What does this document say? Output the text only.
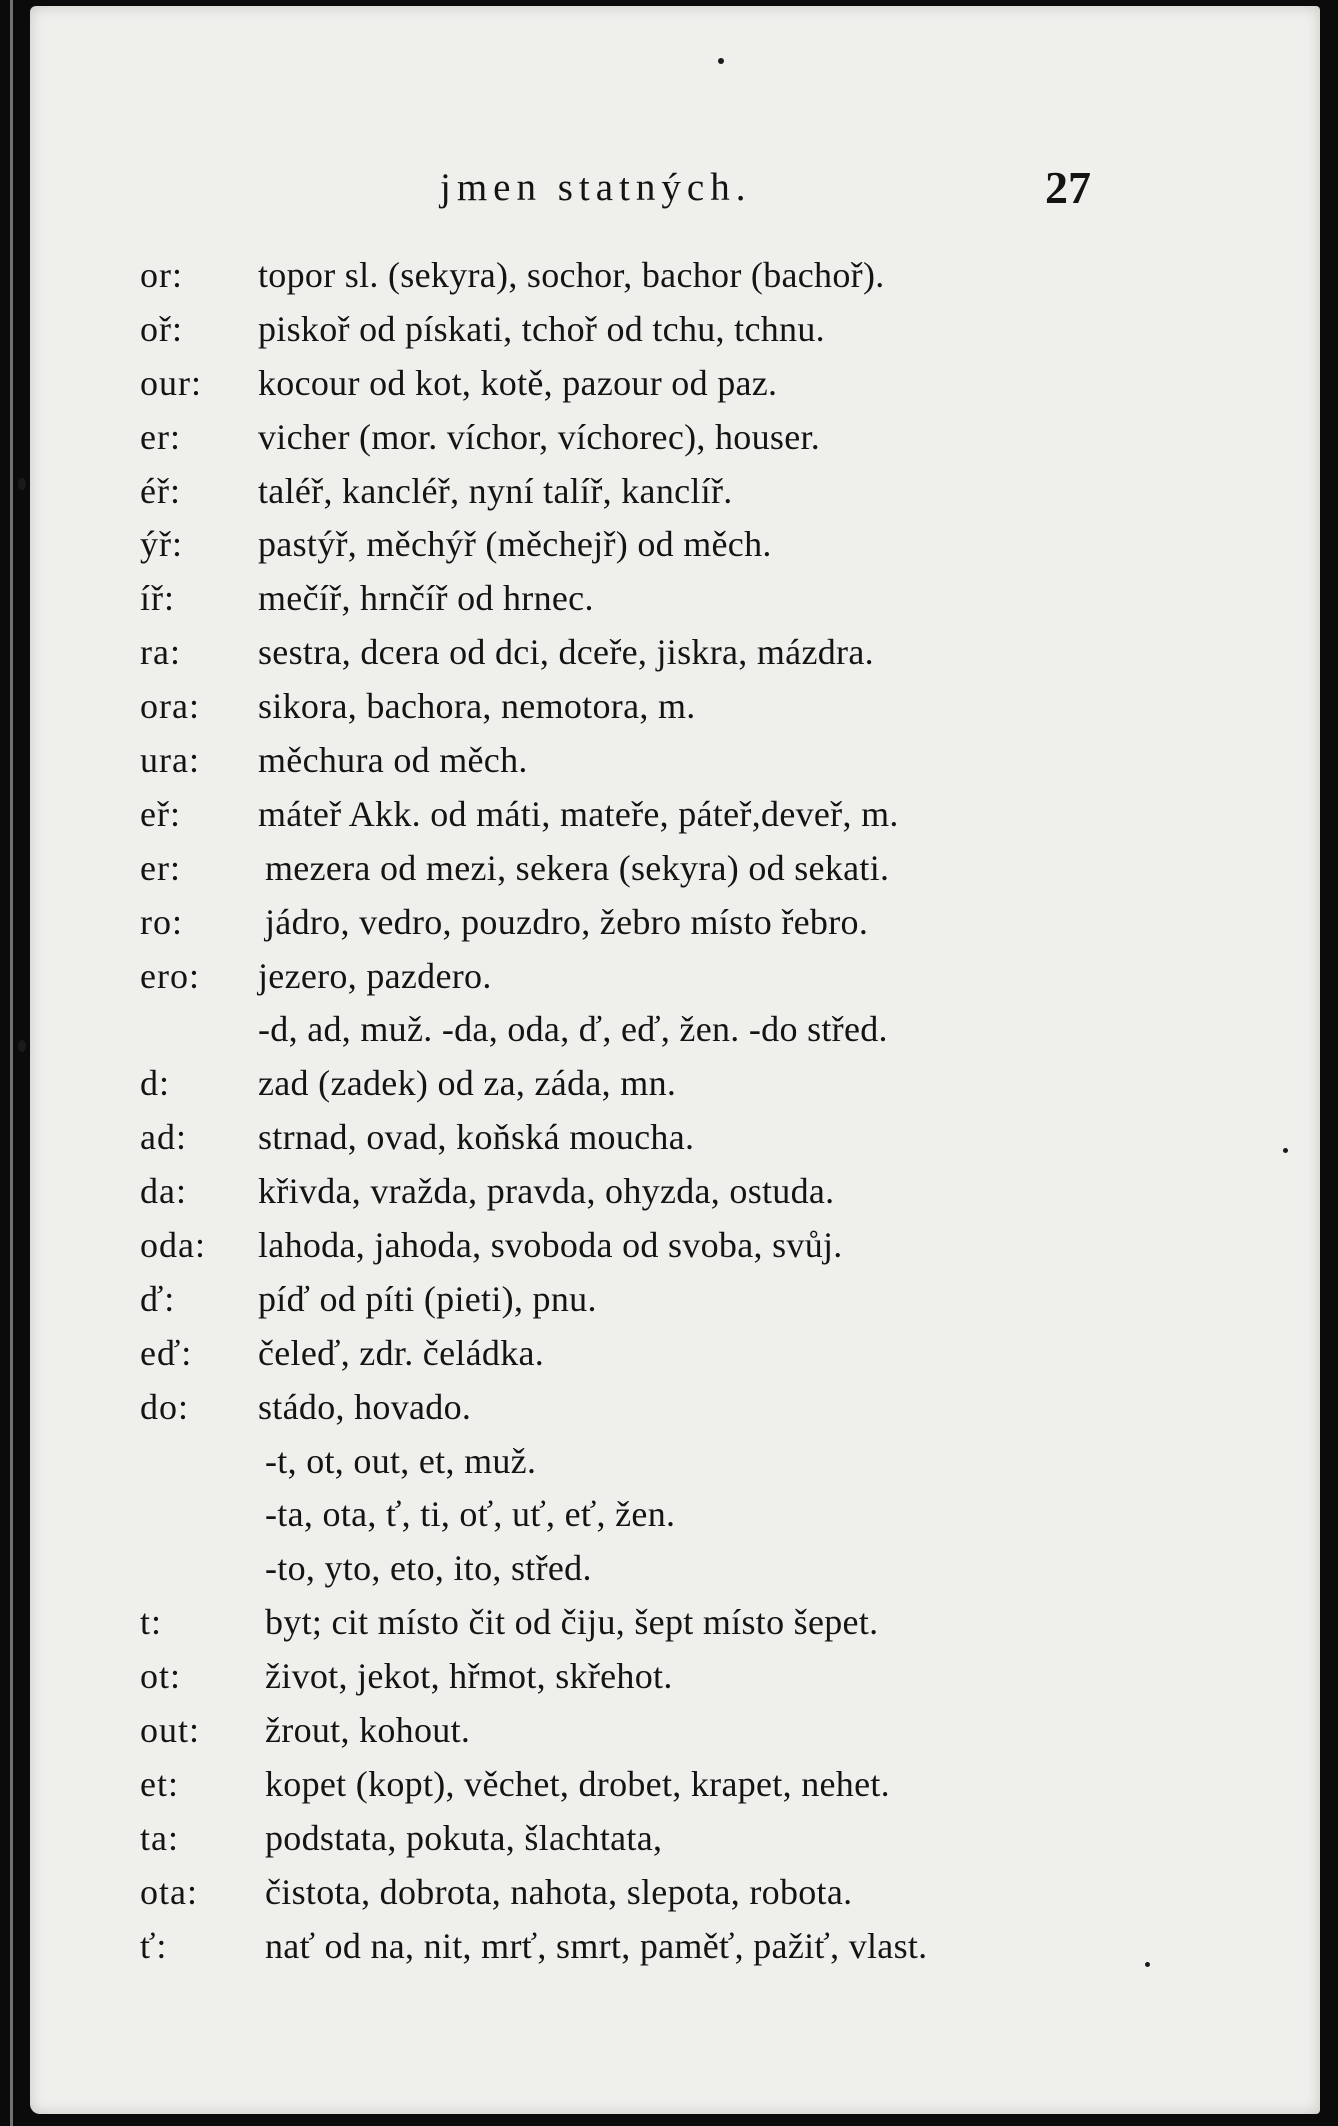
jmen statných.	27
or:	topor sl. (sekyra), sochor, bachor (bachoř).
oř:	piskoř od pískati, tchoř od tchu, tchnu.
our:	kocour od kot, kotě, pazour od paz.
er:	vicher (mor. víchor, víchorec), houser.
éř:	taléř, kancléř, nyní talíř, kanclíř.
ýř:	pastýř, měchýř (měchejř) od měch.
íř:	mečíř, hrnčíř od hrnec.
ra:	sestra, dcera od dci, dceře, jiskra, mázdra.
ora:	sikora, bachora, nemotora, m.
ura:	měchura od měch.
eř:	máteř Akk. od máti, mateře, páteř,deveř, m.
er:	mezera od mezi, sekera (sekyra) od sekati.
ro:	jádro, vedro, pouzdro, žebro místo řebro.
ero:	jezero, pazdero.
-d, ad, muž. -da, oda, ď, eď, žen. -do střed.
d:	zad (zadek) od za, záda, mn.
ad:	strnad, ovad, koňská moucha.
da:	křivda, vražda, pravda, ohyzda, ostuda.
oda:	lahoda, jahoda, svoboda od svoba, svůj.
ď:	píď od píti (pieti), pnu.
eď:	čeleď, zdr. čeládka.
do:	stádo, hovado.
-t, ot, out, et, muž.
-ta, ota, ť, ti, oť, uť, eť, žen.
-to, yto, eto, ito, střed.
t:	byt; cit místo čit od čiju, šept místo šepet.
ot:	život, jekot, hřmot, skřehot.
out:	žrout, kohout.
et:	kopet (kopt), věchet, drobet, krapet, nehet.
ta:	podstata, pokuta, šlachtata,
ota:	čistota, dobrota, nahota, slepota, robota.
ť:	nať od na, nit, mrť, smrt, paměť, pažiť, vlast.
